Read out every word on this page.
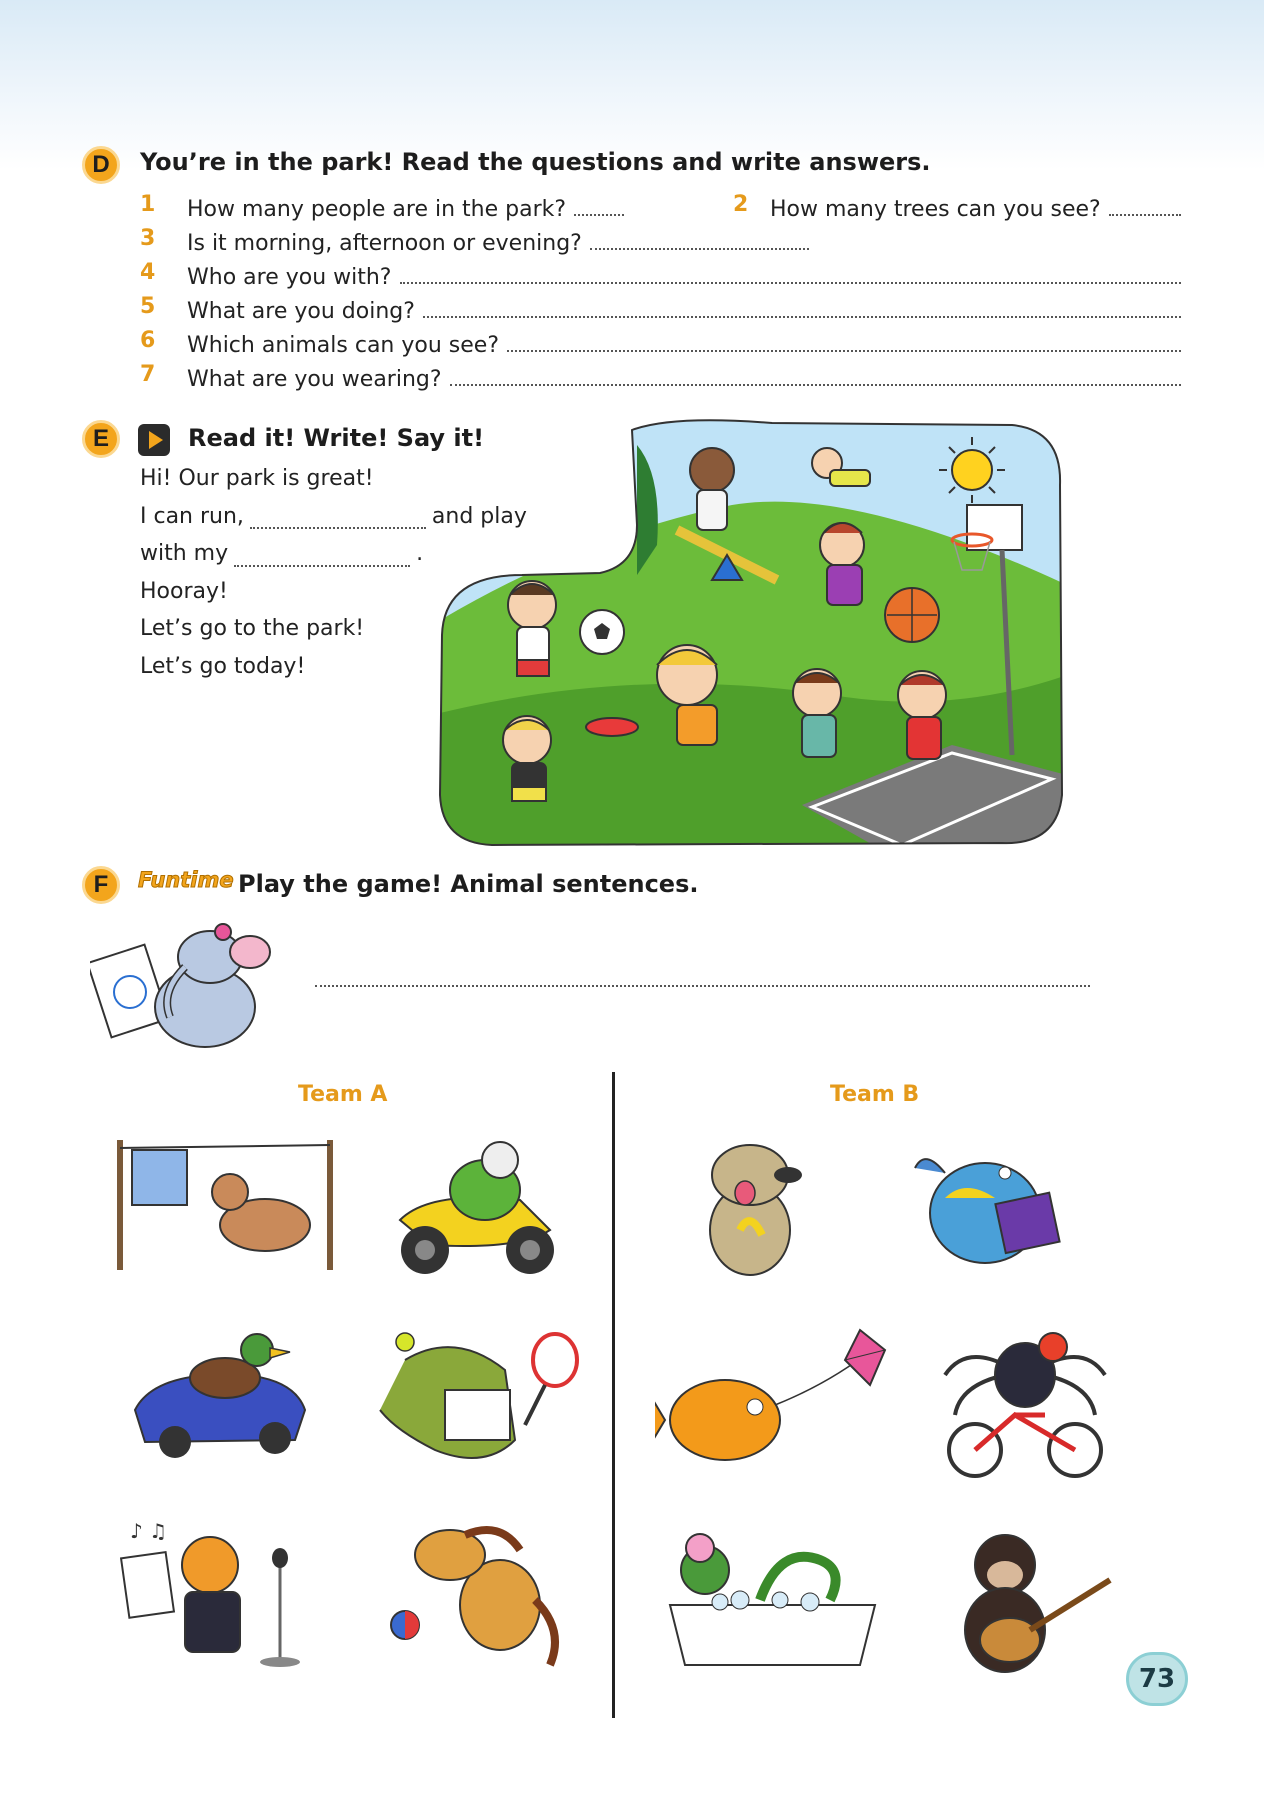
D	You’re in the park! Read the questions and write answers.
1	How many people are in the park?	2 How many trees can you see?
3	Is it morning, afternoon or evening?
4	Who are you with?
5	What are you doing?
6	Which animals can you see?
7	What are you wearing?
E	Read it! Write! Say it!
Hi! Our park is great!
I can run,	and play
with my	.
Hooray!
Let’s go to the park!
Let’s go today!
F	Funtime Play the game! Animal sentences.
Team A	Team B
♪ ♫
73
